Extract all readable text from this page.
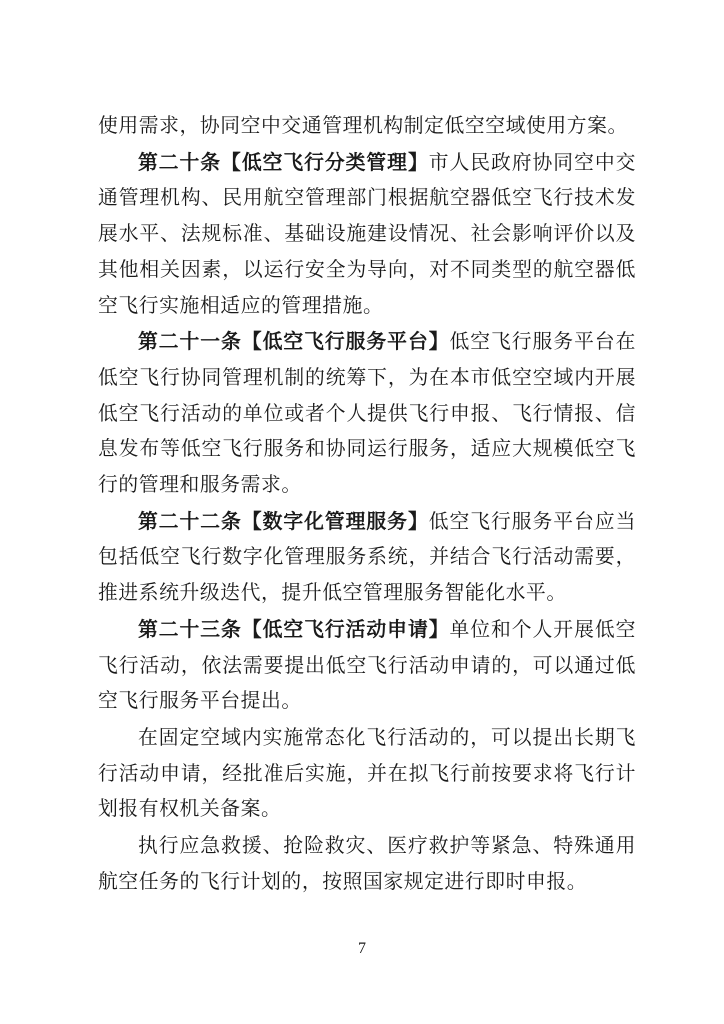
使用需求，协同空中交通管理机构制定低空空域使用方案。

第二十条【低空飞行分类管理】市人民政府协同空中交通管理机构、民用航空管理部门根据航空器低空飞行技术发展水平、法规标准、基础设施建设情况、社会影响评价以及其他相关因素，以运行安全为导向，对不同类型的航空器低空飞行实施相适应的管理措施。

第二十一条【低空飞行服务平台】低空飞行服务平台在低空飞行协同管理机制的统筹下，为在本市低空空域内开展低空飞行活动的单位或者个人提供飞行申报、飞行情报、信息发布等低空飞行服务和协同运行服务，适应大规模低空飞行的管理和服务需求。

第二十二条【数字化管理服务】低空飞行服务平台应当包括低空飞行数字化管理服务系统，并结合飞行活动需要，推进系统升级迭代，提升低空管理服务智能化水平。

第二十三条【低空飞行活动申请】单位和个人开展低空飞行活动，依法需要提出低空飞行活动申请的，可以通过低空飞行服务平台提出。

在固定空域内实施常态化飞行活动的，可以提出长期飞行活动申请，经批准后实施，并在拟飞行前按要求将飞行计划报有权机关备案。

执行应急救援、抢险救灾、医疗救护等紧急、特殊通用航空任务的飞行计划的，按照国家规定进行即时申报。

7
